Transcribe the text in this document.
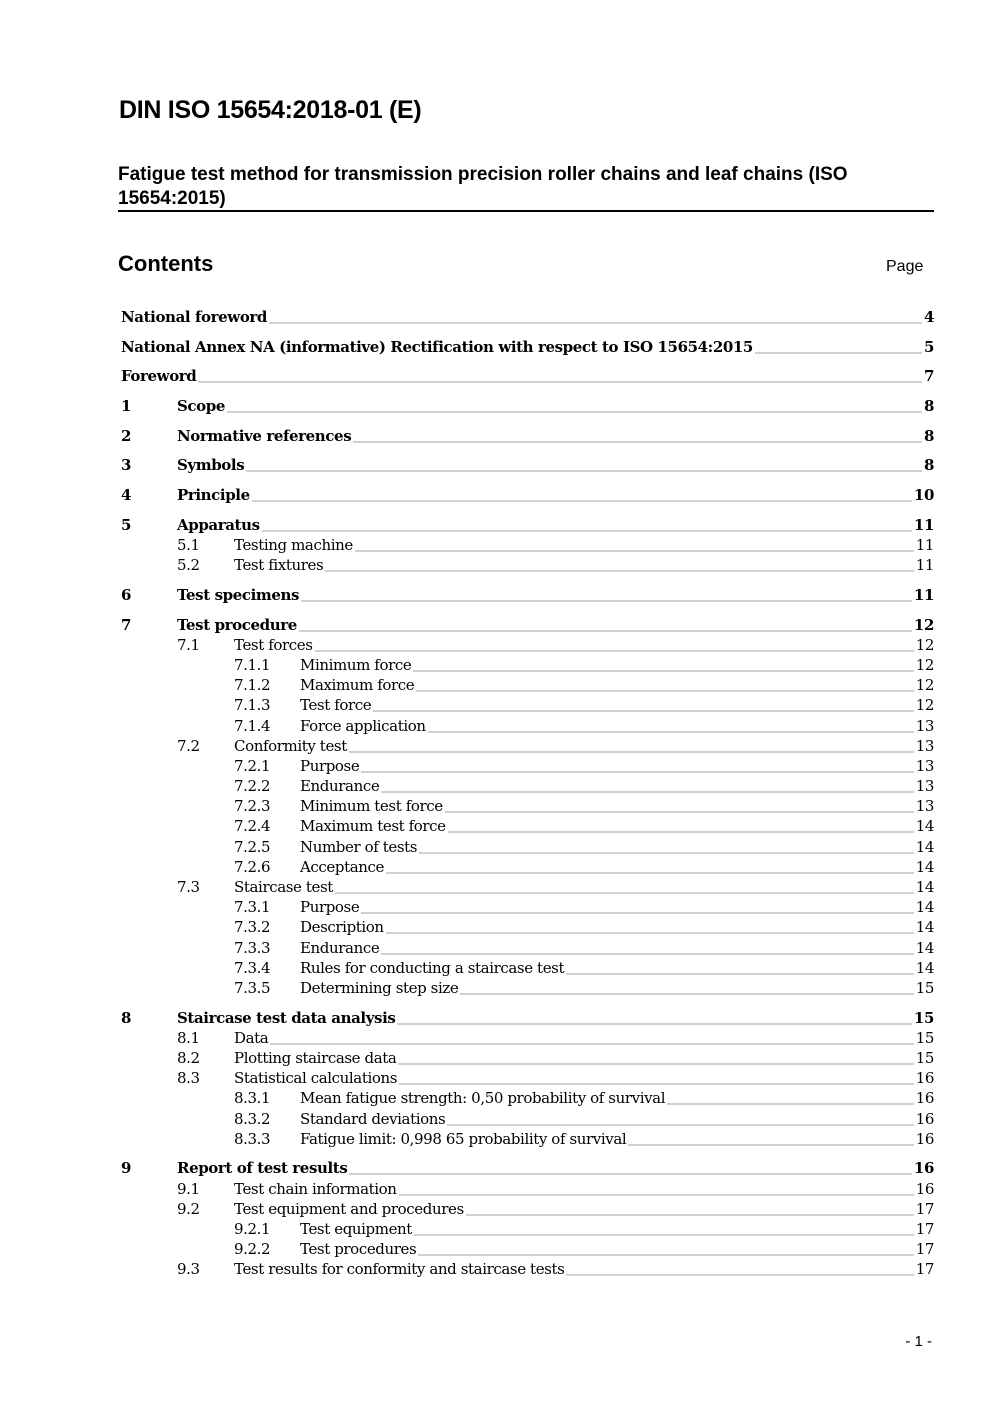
DIN ISO 15654:2018-01 (E)
Fatigue test method for transmission precision roller chains and leaf chains (ISO 15654:2015)
Contents	Page
National foreword	4
National Annex NA (informative) Rectification with respect to ISO 15654:2015	5
Foreword	7
1	Scope	8
2	Normative references	8
3	Symbols	8
4	Principle	10
5	Apparatus	11
5.1 Testing machine	11
5.2 Test fixtures	11
6	Test specimens	11
7	Test procedure	12
7.1 Test forces	12
7.1.1 Minimum force	12
7.1.2 Maximum force	12
7.1.3 Test force	12
7.1.4 Force application	13
7.2 Conformity test	13
7.2.1 Purpose	13
7.2.2 Endurance	13
7.2.3 Minimum test force	13
7.2.4 Maximum test force	14
7.2.5 Number of tests	14
7.2.6 Acceptance	14
7.3 Staircase test	14
7.3.1 Purpose	14
7.3.2 Description	14
7.3.3 Endurance	14
7.3.4 Rules for conducting a staircase test	14
7.3.5 Determining step size	15
8	Staircase test data analysis	15
8.1 Data	15
8.2 Plotting staircase data	15
8.3 Statistical calculations	16
8.3.1 Mean fatigue strength: 0,50 probability of survival	16
8.3.2 Standard deviations	16
8.3.3 Fatigue limit: 0,998 65 probability of survival	16
9	Report of test results	16
9.1 Test chain information	16
9.2 Test equipment and procedures	17
9.2.1 Test equipment	17
9.2.2 Test procedures	17
9.3 Test results for conformity and staircase tests	17
- 1 -
